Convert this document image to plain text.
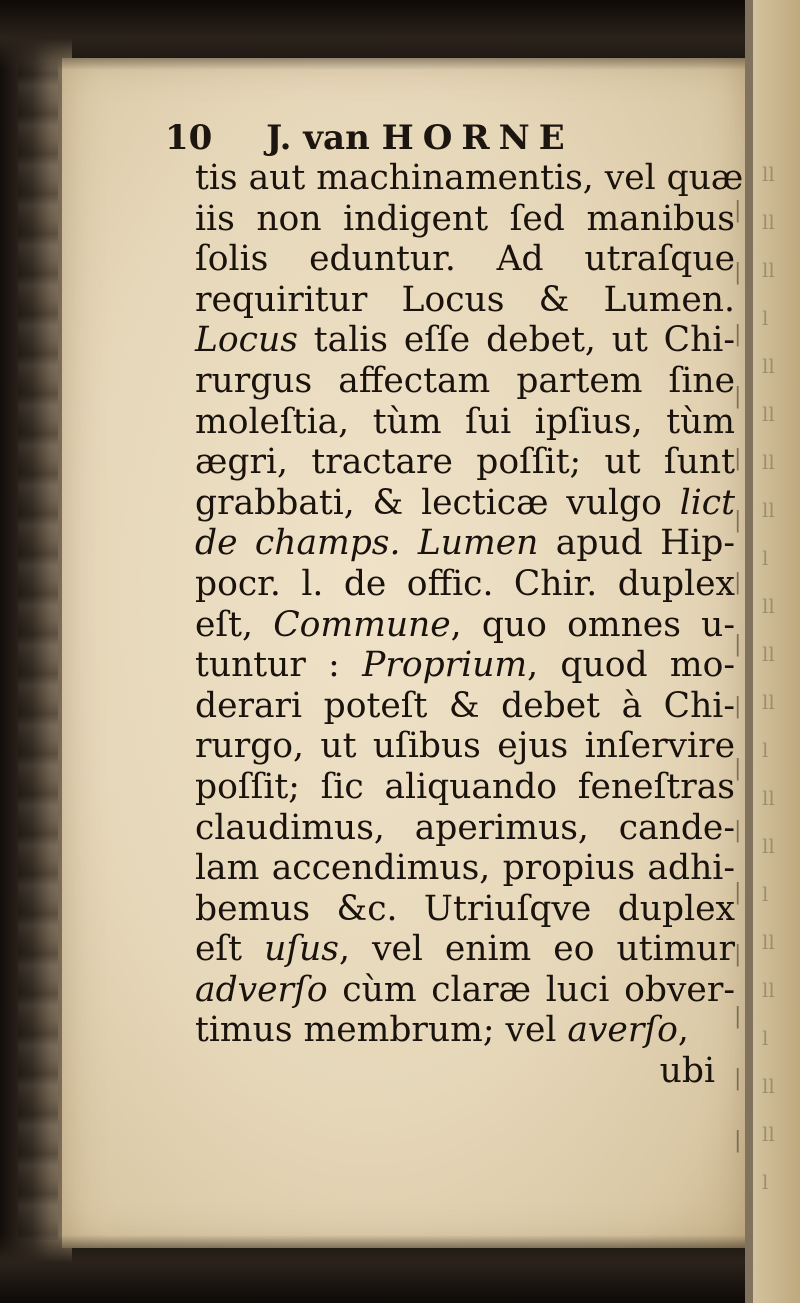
|
|
|
|
|
|
|
|
|
|
|
|
|
|
|
|
ll
ll
ll
l
ll
ll
ll
ll
l
ll
ll
ll
l
ll
ll
l
ll
ll
l
ll
ll
l
10 J. van HORNE
tis aut machinamentis, vel quæ
iis non indigent ſed manibus
ſolis eduntur. Ad utraſque
requiritur Locus & Lumen.
Locus talis eſſe debet, ut Chi-
rurgus affectam partem ſine
moleſtia, tùm ſui ipſius, tùm
ægri, tractare poſſit; ut ſunt
grabbati, & lecticæ vulgo lict
de champs. Lumen apud Hip-
pocr. l. de offic. Chir. duplex
eſt, Commune, quo omnes u-
tuntur : Proprium, quod mo-
derari poteſt & debet à Chi-
rurgo, ut uſibus ejus inſervire
poſſit; ſic aliquando feneſtras
claudimus, aperimus, cande-
lam accendimus, propius adhi-
bemus &c. Utriuſqve duplex
eſt uſus, vel enim eo utimur
adverſo cùm claræ luci obver-
timus membrum; vel averſo,
ubi
